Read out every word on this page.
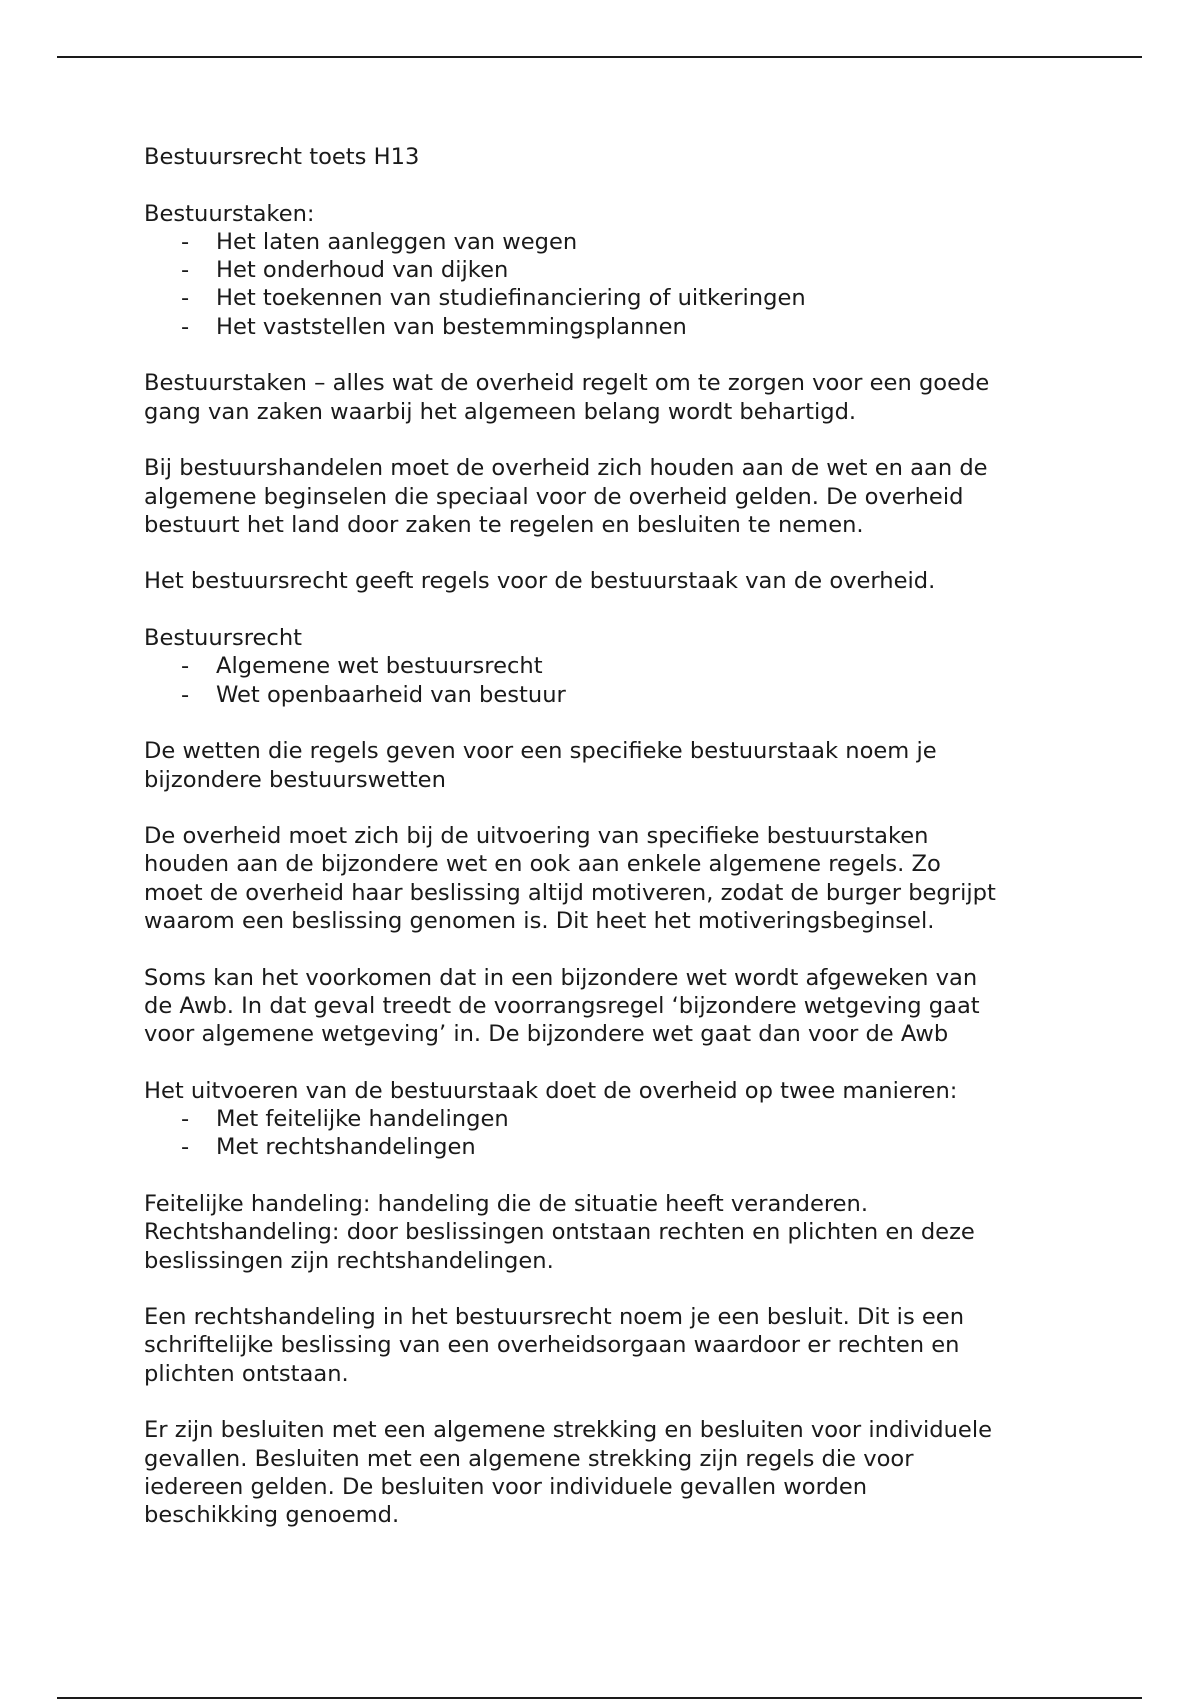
Bestuursrecht toets H13

Bestuurstaken:

- Het laten aanleggen van wegen
- Het onderhoud van dijken
- Het toekennen van studiefinanciering of uitkeringen
- Het vaststellen van bestemmingsplannen

Bestuurstaken – alles wat de overheid regelt om te zorgen voor een goede
gang van zaken waarbij het algemeen belang wordt behartigd.

Bij bestuurshandelen moet de overheid zich houden aan de wet en aan de
algemene beginselen die speciaal voor de overheid gelden. De overheid
bestuurt het land door zaken te regelen en besluiten te nemen.

Het bestuursrecht geeft regels voor de bestuurstaak van de overheid.

Bestuursrecht

- Algemene wet bestuursrecht
- Wet openbaarheid van bestuur

De wetten die regels geven voor een specifieke bestuurstaak noem je
bijzondere bestuurswetten

De overheid moet zich bij de uitvoering van specifieke bestuurstaken
houden aan de bijzondere wet en ook aan enkele algemene regels. Zo
moet de overheid haar beslissing altijd motiveren, zodat de burger begrijpt
waarom een beslissing genomen is. Dit heet het motiveringsbeginsel.

Soms kan het voorkomen dat in een bijzondere wet wordt afgeweken van
de Awb. In dat geval treedt de voorrangsregel ‘bijzondere wetgeving gaat
voor algemene wetgeving’ in. De bijzondere wet gaat dan voor de Awb

Het uitvoeren van de bestuurstaak doet de overheid op twee manieren:

- Met feitelijke handelingen
- Met rechtshandelingen

Feitelijke handeling: handeling die de situatie heeft veranderen.
Rechtshandeling: door beslissingen ontstaan rechten en plichten en deze
beslissingen zijn rechtshandelingen.

Een rechtshandeling in het bestuursrecht noem je een besluit. Dit is een
schriftelijke beslissing van een overheidsorgaan waardoor er rechten en
plichten ontstaan.

Er zijn besluiten met een algemene strekking en besluiten voor individuele
gevallen. Besluiten met een algemene strekking zijn regels die voor
iedereen gelden. De besluiten voor individuele gevallen worden
beschikking genoemd.
